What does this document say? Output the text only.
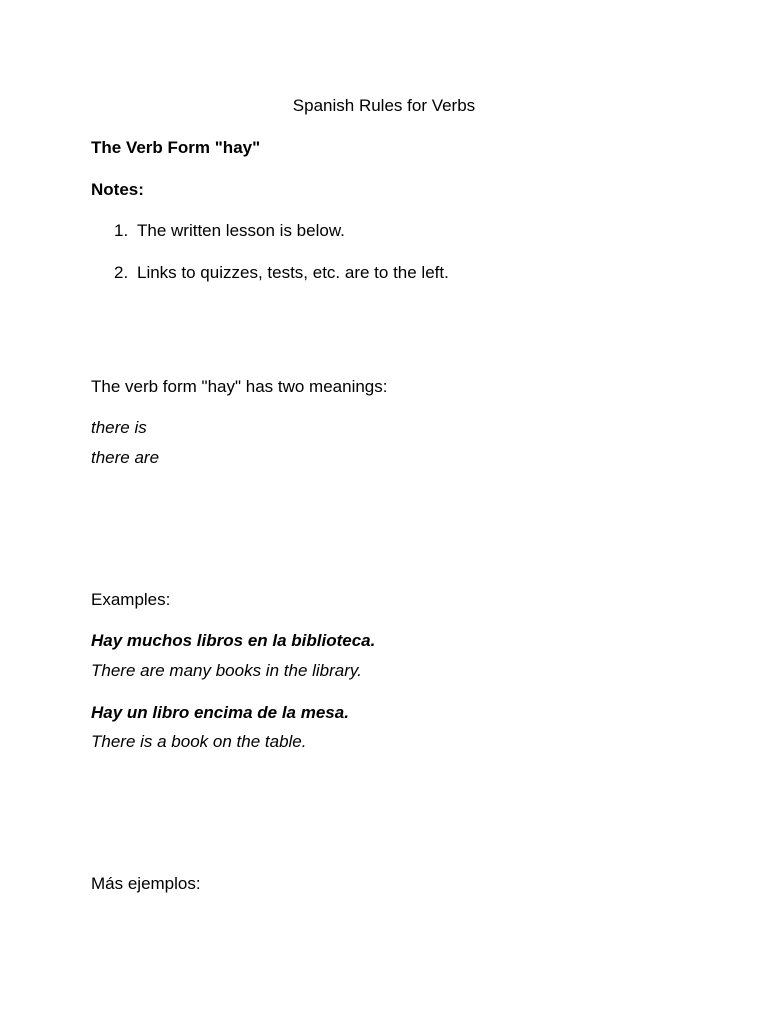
Spanish Rules for Verbs
The Verb Form "hay"
Notes:
1. The written lesson is below.
2. Links to quizzes, tests, etc. are to the left.
The verb form "hay" has two meanings:
there is
there are
Examples:
Hay muchos libros en la biblioteca.
There are many books in the library.
Hay un libro encima de la mesa.
There is a book on the table.
Más ejemplos:
